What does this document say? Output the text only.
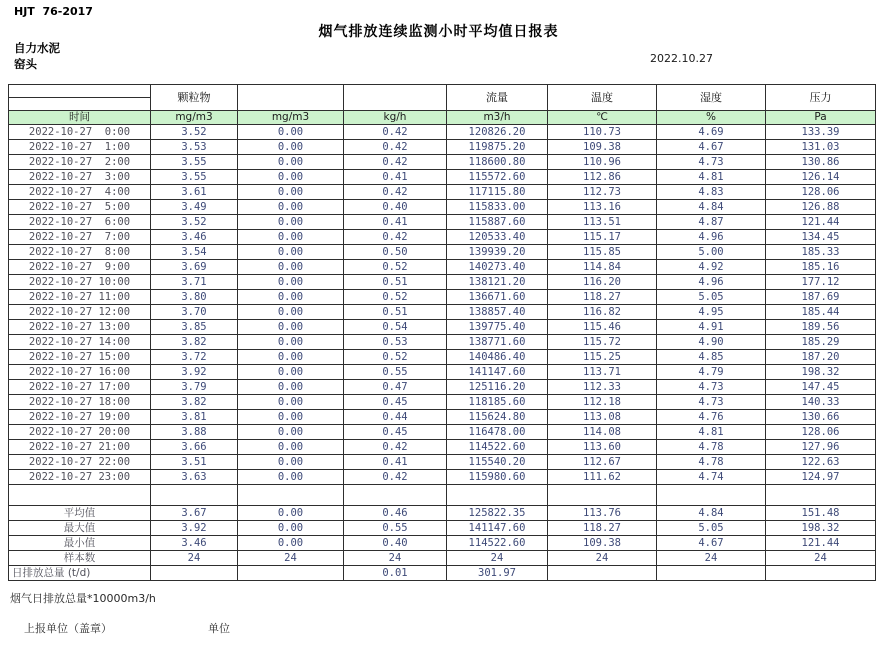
HJT  76-2017
烟气排放连续监测小时平均值日报表
自力水泥
窑头	2022.10.27
	颗粒物			流量	温度	湿度	压力

时间	mg/m3	mg/m3	kg/h	m3/h	℃	%	Pa
2022-10-27  0:00	3.52	0.00	0.42	120826.20	110.73	4.69	133.39
2022-10-27  1:00	3.53	0.00	0.42	119875.20	109.38	4.67	131.03
2022-10-27  2:00	3.55	0.00	0.42	118600.80	110.96	4.73	130.86
2022-10-27  3:00	3.55	0.00	0.41	115572.60	112.86	4.81	126.14
2022-10-27  4:00	3.61	0.00	0.42	117115.80	112.73	4.83	128.06
2022-10-27  5:00	3.49	0.00	0.40	115833.00	113.16	4.84	126.88
2022-10-27  6:00	3.52	0.00	0.41	115887.60	113.51	4.87	121.44
2022-10-27  7:00	3.46	0.00	0.42	120533.40	115.17	4.96	134.45
2022-10-27  8:00	3.54	0.00	0.50	139939.20	115.85	5.00	185.33
2022-10-27  9:00	3.69	0.00	0.52	140273.40	114.84	4.92	185.16
2022-10-27 10:00	3.71	0.00	0.51	138121.20	116.20	4.96	177.12
2022-10-27 11:00	3.80	0.00	0.52	136671.60	118.27	5.05	187.69
2022-10-27 12:00	3.70	0.00	0.51	138857.40	116.82	4.95	185.44
2022-10-27 13:00	3.85	0.00	0.54	139775.40	115.46	4.91	189.56
2022-10-27 14:00	3.82	0.00	0.53	138771.60	115.72	4.90	185.29
2022-10-27 15:00	3.72	0.00	0.52	140486.40	115.25	4.85	187.20
2022-10-27 16:00	3.92	0.00	0.55	141147.60	113.71	4.79	198.32
2022-10-27 17:00	3.79	0.00	0.47	125116.20	112.33	4.73	147.45
2022-10-27 18:00	3.82	0.00	0.45	118185.60	112.18	4.73	140.33
2022-10-27 19:00	3.81	0.00	0.44	115624.80	113.08	4.76	130.66
2022-10-27 20:00	3.88	0.00	0.45	116478.00	114.08	4.81	128.06
2022-10-27 21:00	3.66	0.00	0.42	114522.60	113.60	4.78	127.96
2022-10-27 22:00	3.51	0.00	0.41	115540.20	112.67	4.78	122.63
2022-10-27 23:00	3.63	0.00	0.42	115980.60	111.62	4.74	124.97

平均值	3.67	0.00	0.46	125822.35	113.76	4.84	151.48
最大值	3.92	0.00	0.55	141147.60	118.27	5.05	198.32
最小值	3.46	0.00	0.40	114522.60	109.38	4.67	121.44
样本数	24	24	24	24	24	24	24
日排放总量 (t/d)			0.01	301.97			
烟气日排放总量*10000m3/h

上报单位（盖章）	单位
